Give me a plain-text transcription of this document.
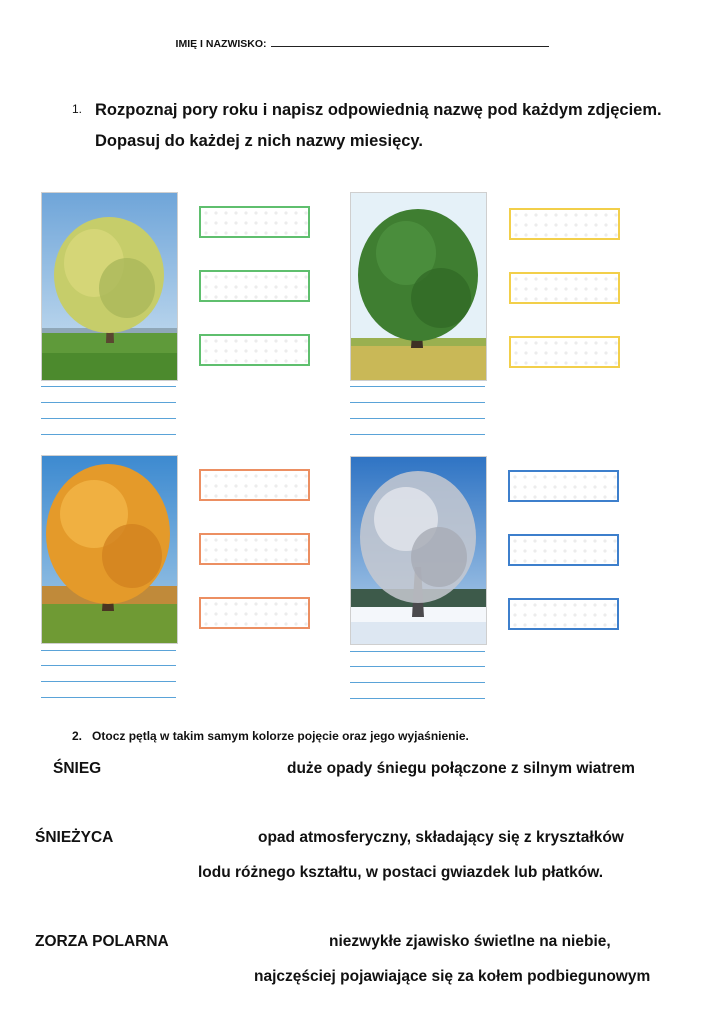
IMIĘ I NAZWISKO:
1. Rozpoznaj pory roku i napisz odpowiednią nazwę pod każdym zdjęciem.
Dopasuj do każdej z nich nazwy miesięcy.
2. Otocz pętlą w takim samym kolorze pojęcie oraz jego wyjaśnienie.
ŚNIEG	duże opady śniegu połączone z silnym wiatrem
ŚNIEŻYCA	opad atmosferyczny, składający się z kryształków
lodu różnego kształtu, w postaci gwiazdek lub płatków.
ZORZA POLARNA	niezwykłe zjawisko świetlne na niebie,
najczęściej pojawiające się za kołem podbiegunowym
